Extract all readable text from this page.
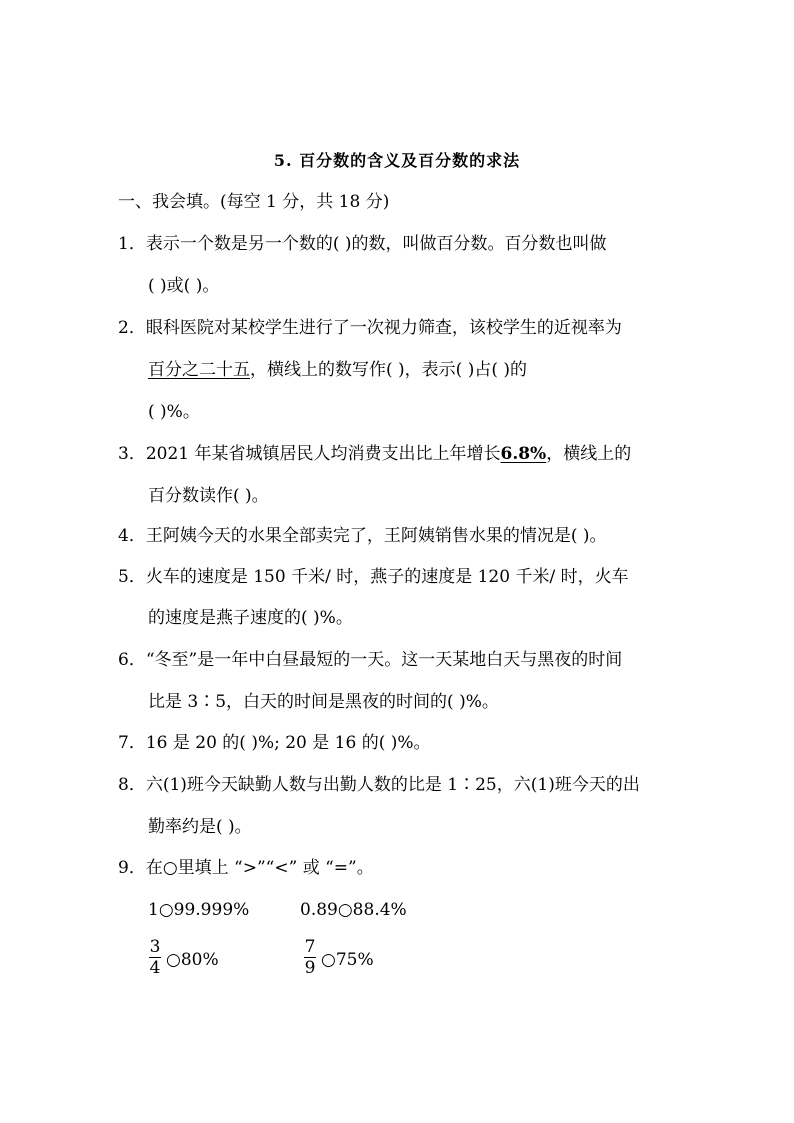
5. 百分数的含义及百分数的求法
一、我会填。(每空 1 分，共 18 分)
1．表示一个数是另一个数的( )的数，叫做百分数。百分数也叫做
( )或( )。
2．眼科医院对某校学生进行了一次视力筛查，该校学生的近视率为
百分之二十五，横线上的数写作( )，表示( )占( )的
( )%。
3．2021 年某省城镇居民人均消费支出比上年增长6.8%，横线上的
百分数读作( )。
4．王阿姨今天的水果全部卖完了，王阿姨销售水果的情况是( )。
5．火车的速度是 150 千米/ 时，燕子的速度是 120 千米/ 时，火车
的速度是燕子速度的( )%。
6．“冬至”是一年中白昼最短的一天。这一天某地白天与黑夜的时间
比是 3∶5，白天的时间是黑夜的时间的( )%。
7．16 是 20 的( )%; 20 是 16 的( )%。
8．六(1)班今天缺勤人数与出勤人数的比是 1∶25，六(1)班今天的出
勤率约是( )。
9．在○里填上 “>”“<” 或 “=”。
1○99.999%	0.89○88.4%
3
4 ○80%
7
9 ○75%
